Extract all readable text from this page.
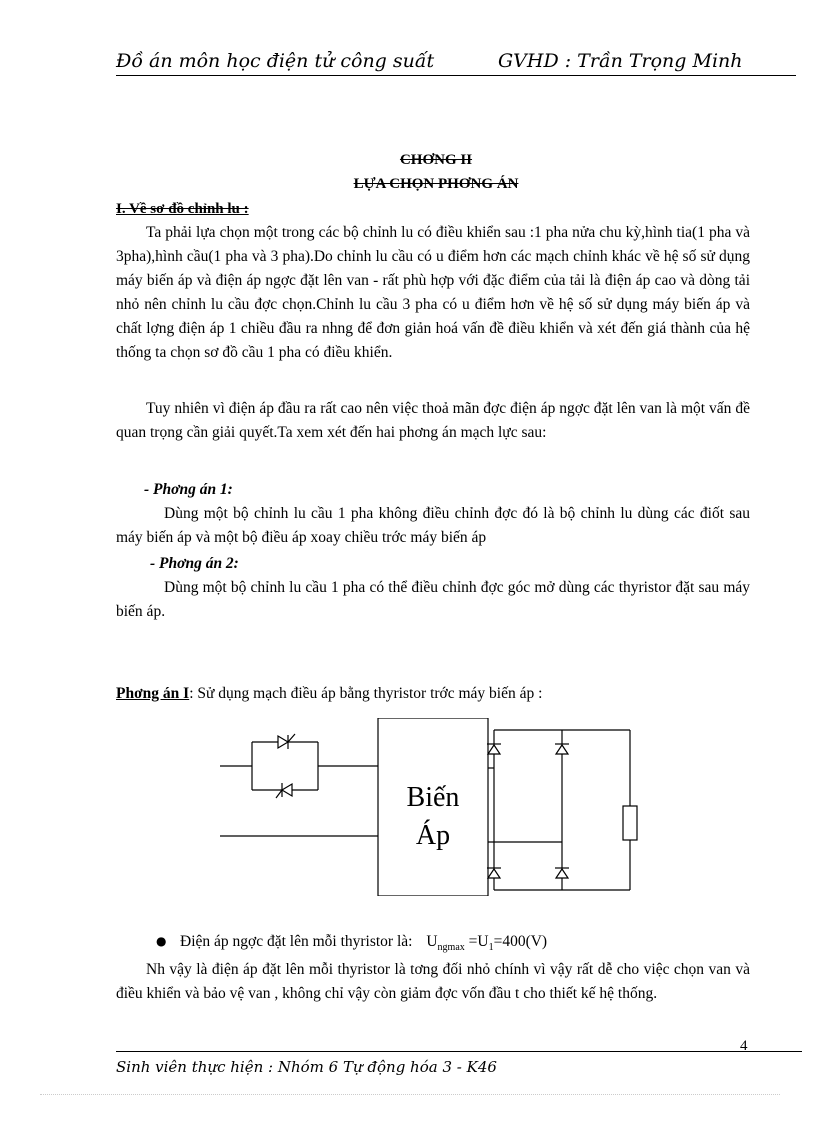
Đồ án môn học điện tử công suất	GVHD : Trần Trọng Minh
CHƠNG II
LỰA CHỌN PHƠNG ÁN
I. Về sơ đồ chỉnh lu :
Ta phải lựa chọn một trong các bộ chỉnh lu có điều khiển sau :1 pha nửa chu kỳ,hình tia(1 pha và 3pha),hình cầu(1 pha và 3 pha).Do chỉnh lu cầu có u điểm hơn các mạch chỉnh khác về hệ số sử dụng máy biến áp và điện áp ngợc đặt lên van - rất phù hợp với đặc điểm của tải là điện áp cao và dòng tải nhỏ nên chỉnh lu cầu đợc chọn.Chỉnh lu cầu 3 pha có u điểm hơn về hệ số sử dụng máy biến áp và chất lợng điện áp 1 chiều đầu ra nhng để đơn giản hoá vấn đề điều khiển và xét đến giá thành của hệ thống ta chọn sơ đồ cầu 1 pha có điều khiển.
Tuy nhiên vì điện áp đầu ra rất cao nên việc thoả mãn đợc điện áp ngợc đặt lên van là một vấn đề quan trọng cần giải quyết.Ta xem xét đến hai phơng án mạch lực sau:
- Phơng án 1:
Dùng một bộ chỉnh lu cầu 1 pha không điều chỉnh đợc đó là bộ chỉnh lu dùng các điốt sau máy biến áp và một bộ điều áp xoay chiều trớc máy biến áp
- Phơng án 2:
Dùng một bộ chỉnh lu cầu 1 pha có thể điều chỉnh đợc góc mở dùng các thyristor đặt sau máy biến áp.
Phơng án I: Sử dụng mạch điều áp bằng thyristor trớc máy biến áp :
Biến
Áp
● Điện áp ngợc đặt lên mỗi thyristor là: $U_{ngmax} =U_1=400(V)$
Nh vậy là điện áp đặt lên mỗi thyristor là tơng đối nhỏ chính vì vậy rất dễ cho việc chọn van và điều khiển và bảo vệ van , không chỉ vậy còn giảm đợc vốn đầu t cho thiết kế hệ thống.
4
Sinh viên thực hiện : Nhóm 6 Tự động hóa 3 - K46
